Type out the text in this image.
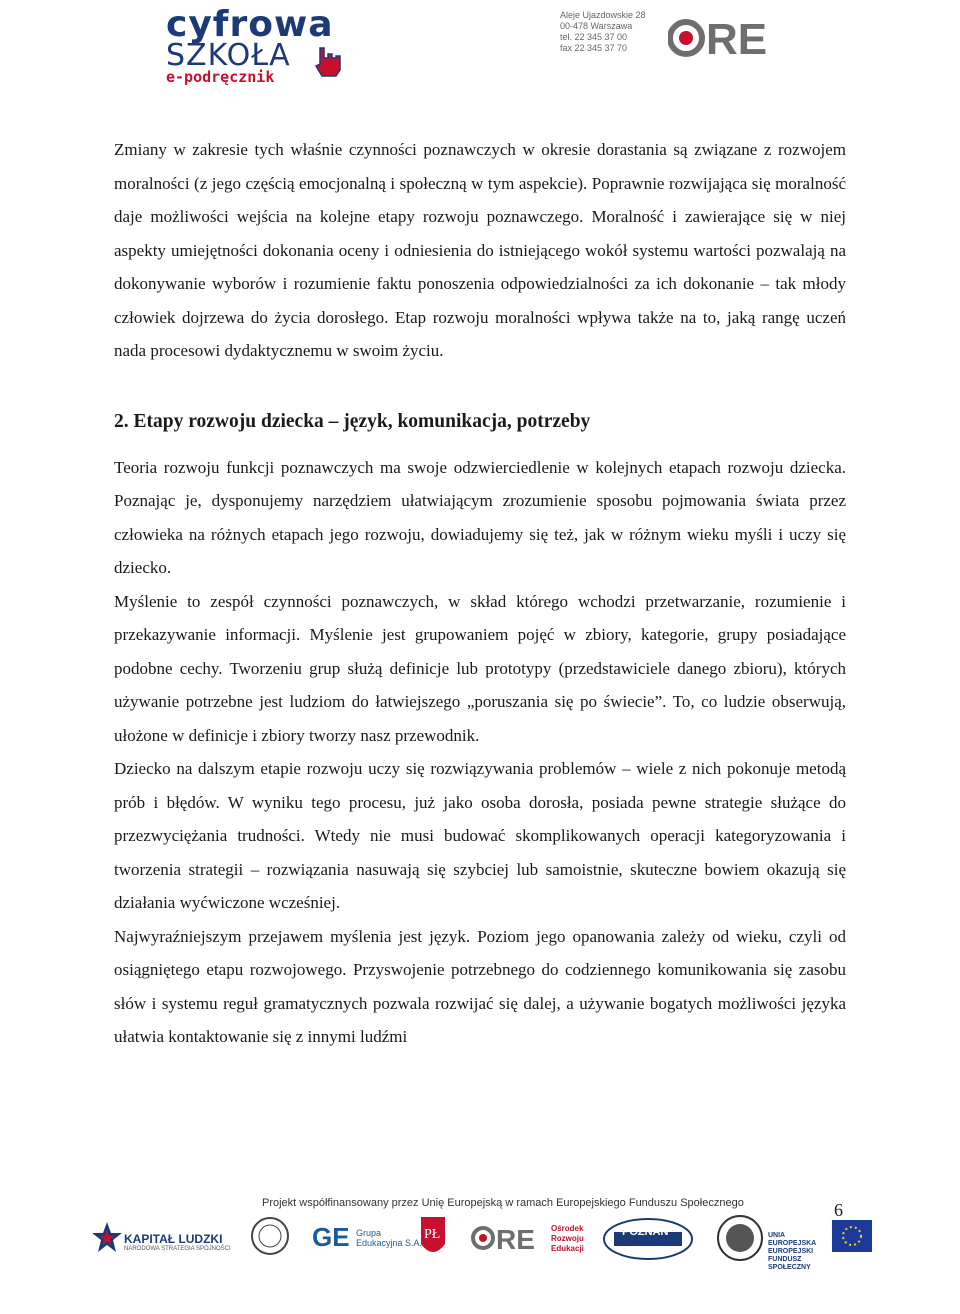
cyfrowa
SZKOŁA
e-podręcznik
Aleje Ujazdowskie 28
00-478 Warszawa
tel. 22 345 37 00
fax 22 345 37 70	RE

Zmiany w zakresie tych właśnie czynności poznawczych w okresie dorastania są związane z rozwojem moralności (z jego częścią emocjonalną i społeczną w tym aspekcie). Poprawnie rozwijająca się moralność daje możliwości wejścia na kolejne etapy rozwoju poznawczego. Moralność i zawierające się w niej aspekty umiejętności dokonania oceny i odniesienia do istniejącego wokół systemu wartości pozwalają na dokonywanie wyborów i rozumienie faktu ponoszenia odpowiedzialności za ich dokonanie – tak młody człowiek dojrzewa do życia dorosłego. Etap rozwoju moralności wpływa także na to, jaką rangę uczeń nada procesowi dydaktycznemu w swoim życiu.

2. Etapy rozwoju dziecka – język, komunikacja, potrzeby

Teoria rozwoju funkcji poznawczych ma swoje odzwierciedlenie w kolejnych etapach rozwoju dziecka. Poznając je, dysponujemy narzędziem ułatwiającym zrozumienie sposobu pojmowania świata przez człowieka na różnych etapach jego rozwoju, dowiadujemy się też, jak w różnym wieku myśli i uczy się dziecko.

Myślenie to zespół czynności poznawczych, w skład którego wchodzi przetwarzanie, rozumienie i przekazywanie informacji. Myślenie jest grupowaniem pojęć w zbiory, kategorie, grupy posiadające podobne cechy. Tworzeniu grup służą definicje lub prototypy (przedstawiciele danego zbioru), których używanie potrzebne jest ludziom do łatwiejszego „poruszania się po świecie”. To, co ludzie obserwują, ułożone w definicje i zbiory tworzy nasz przewodnik.

Dziecko na dalszym etapie rozwoju uczy się rozwiązywania problemów – wiele z nich pokonuje metodą prób i błędów. W wyniku tego procesu, już jako osoba dorosła, posiada pewne strategie służące do przezwyciężania trudności. Wtedy nie musi budować skomplikowanych operacji kategoryzowania i tworzenia strategii – rozwiązania nasuwają się szybciej lub samoistnie, skuteczne bowiem okazują się działania wyćwiczone wcześniej.

Najwyraźniejszym przejawem myślenia jest język. Poziom jego opanowania zależy od wieku, czyli od osiągniętego etapu rozwojowego. Przyswojenie potrzebnego do codziennego komunikowania się zasobu słów i systemu reguł gramatycznych pozwala rozwijać się dalej, a używanie bogatych możliwości języka ułatwia kontaktowanie się z innymi ludźmi

Projekt współfinansowany przez Unię Europejską w ramach Europejskiego Funduszu Społecznego	6
GE	PŁ RE
KAPITAŁ LUDZKI
NARODOWA STRATEGIA SPÓJNOŚCI
Grupa
Edukacyjna S.A.
Ośrodek
Rozwoju
Edukacji
POZNAŃ	UNIA EUROPEJSKA
EUROPEJSKI
FUNDUSZ SPOŁECZNY
